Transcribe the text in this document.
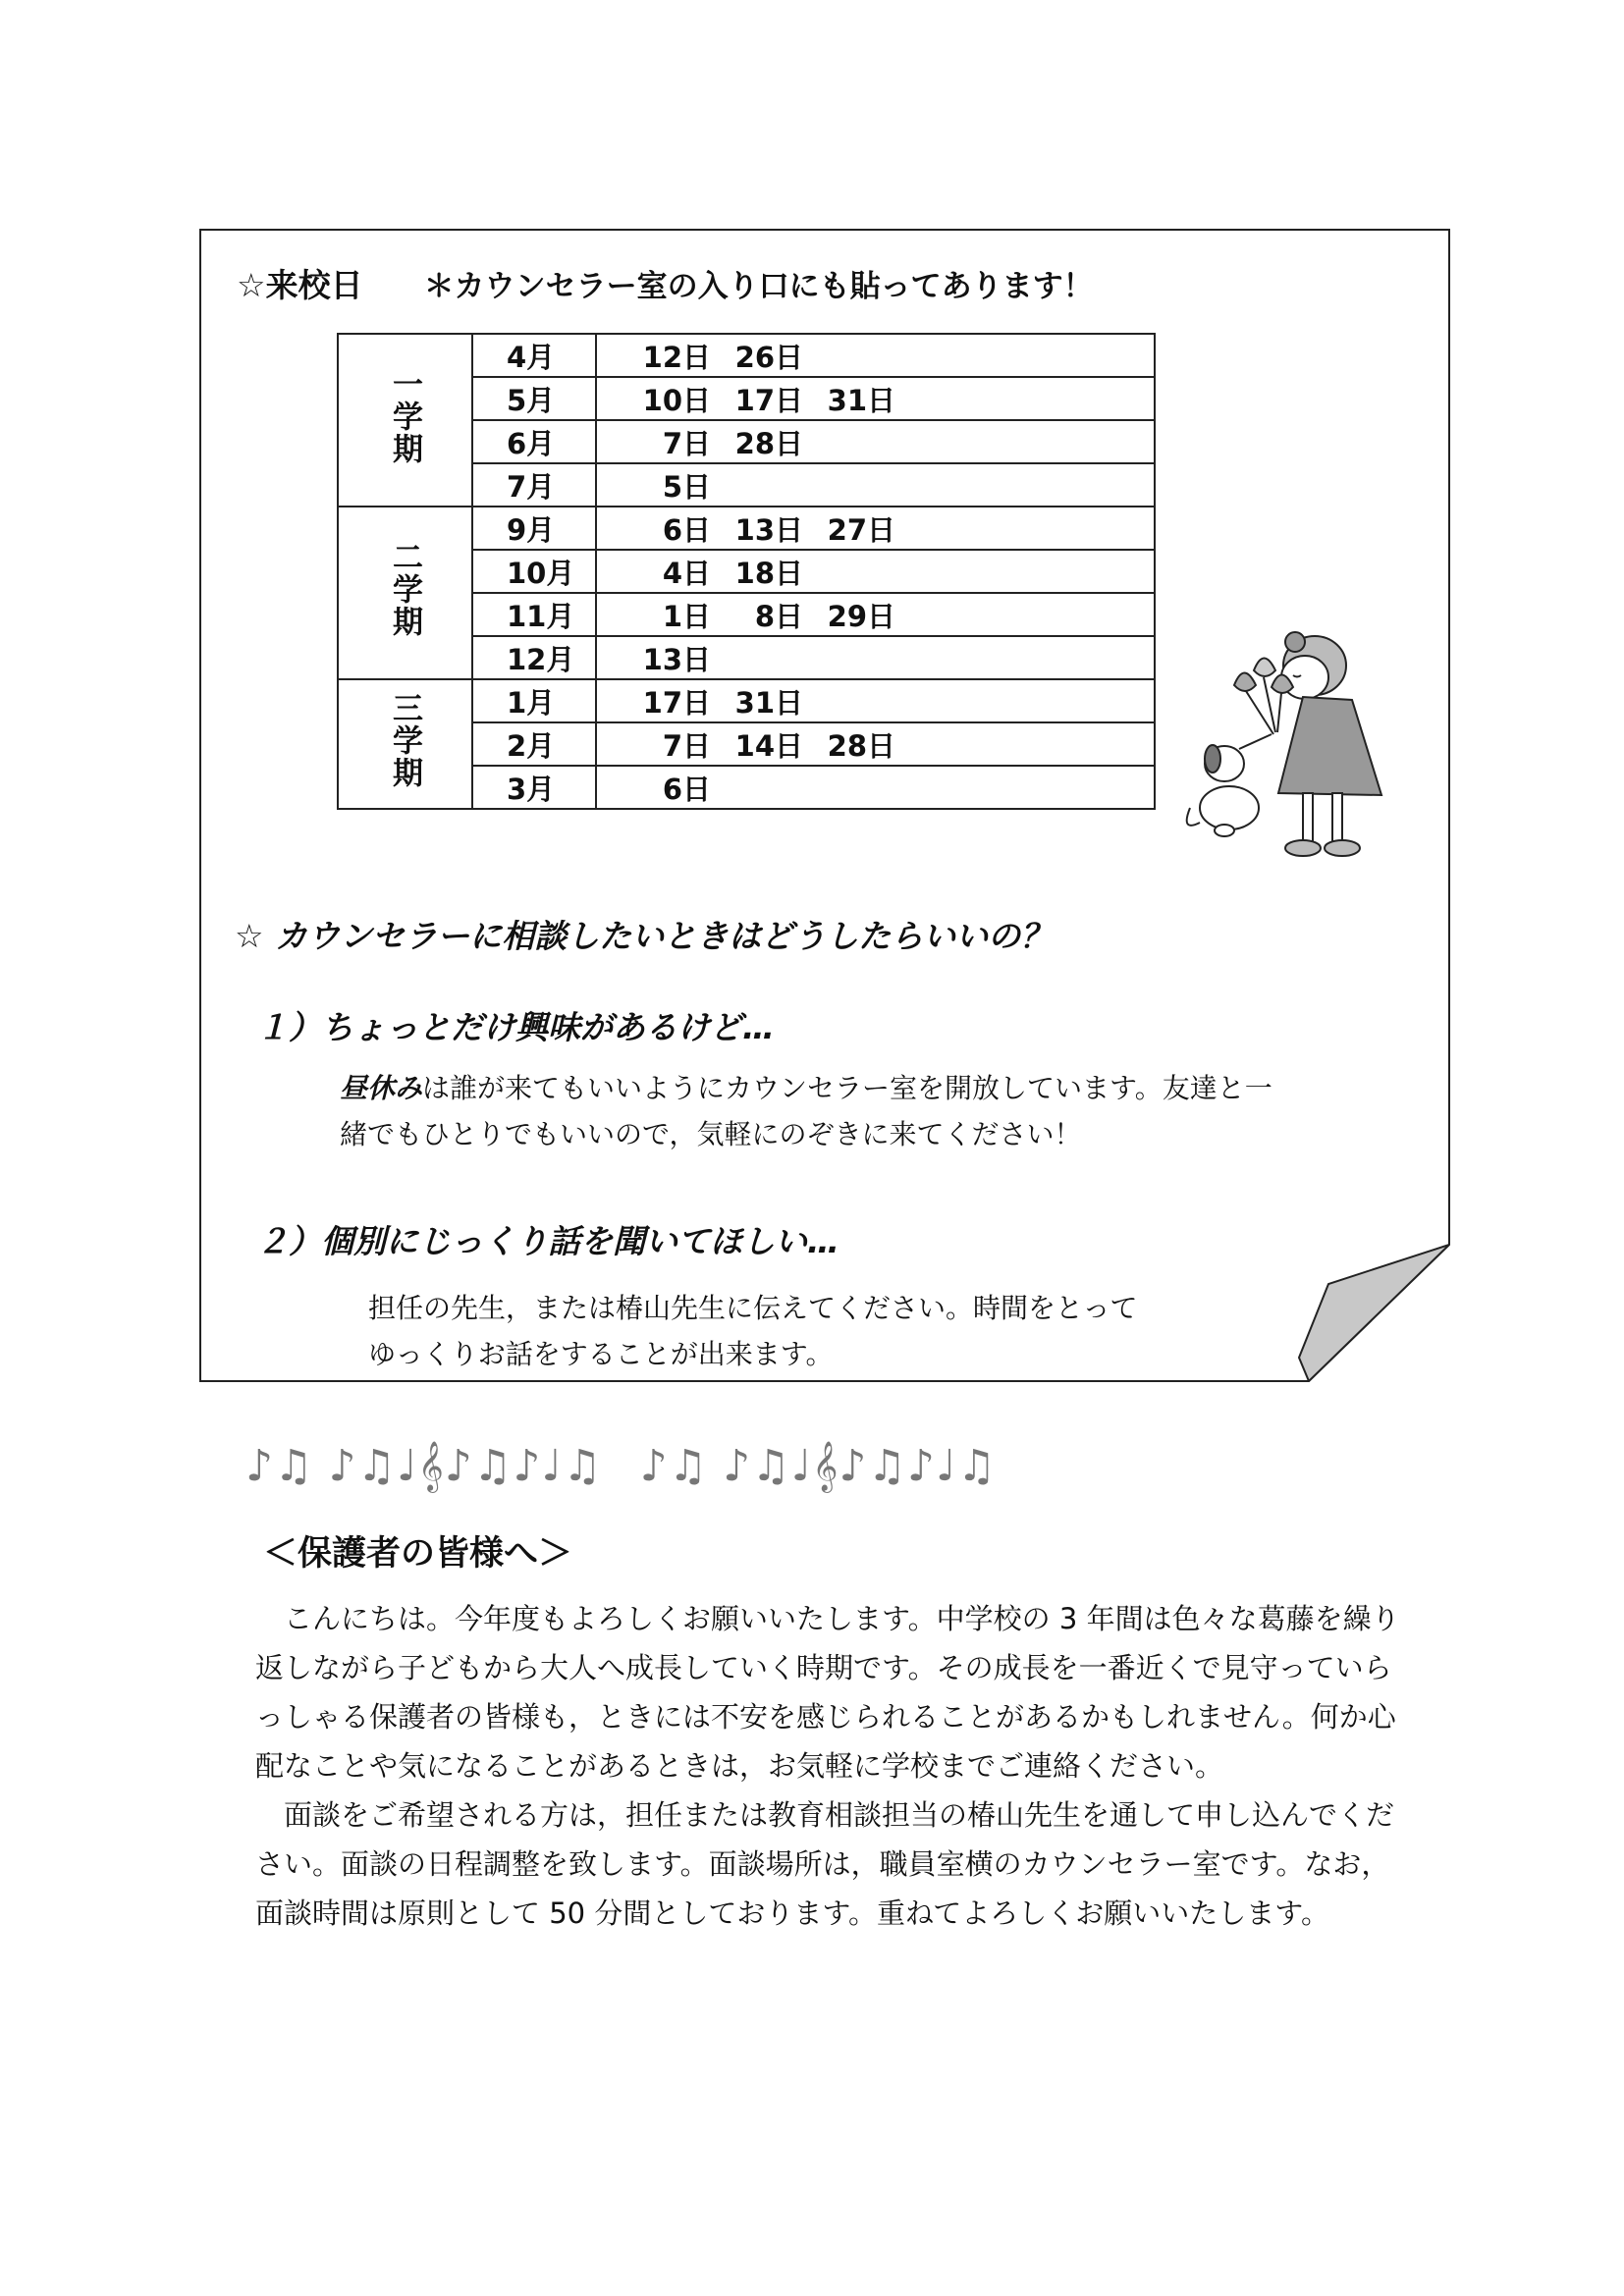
☆来校日 ＊カウンセラー室の入り口にも貼ってあります！
一学期	4月	12日 26日
	5月	10日 17日 31日
	6月	7日 28日
	7月	5日
二学期	9月	6日 13日 27日
	10月	4日 18日
	11月	1日 8日 29日
	12月	13日
三学期	1月	17日 31日
	2月	7日 14日 28日
	3月	6日
☆ カウンセラーに相談したいときはどうしたらいいの？
１）ちょっとだけ興味があるけど…
昼休みは誰が来てもいいようにカウンセラー室を開放しています。友達と一
緒でもひとりでもいいので，気軽にのぞきに来てください！
２）個別にじっくり話を聞いてほしい…
担任の先生，または椿山先生に伝えてください。時間をとって
ゆっくりお話をすることが出来ます。
♪♫ ♪♫♩𝄞♪♫♪♩♫ ♪♫ ♪♫♩𝄞♪♫♪♩♫
＜保護者の皆様へ＞

　こんにちは。今年度もよろしくお願いいたします。中学校の 3 年間は色々な葛藤を繰り返しながら子どもから大人へ成長していく時期です。その成長を一番近くで見守っていらっしゃる保護者の皆様も，ときには不安を感じられることがあるかもしれません。何か心配なことや気になることがあるときは，お気軽に学校までご連絡ください。

　面談をご希望される方は，担任または教育相談担当の椿山先生を通して申し込んでください。面談の日程調整を致します。面談場所は，職員室横のカウンセラー室です。なお，面談時間は原則として 50 分間としております。重ねてよろしくお願いいたします。
